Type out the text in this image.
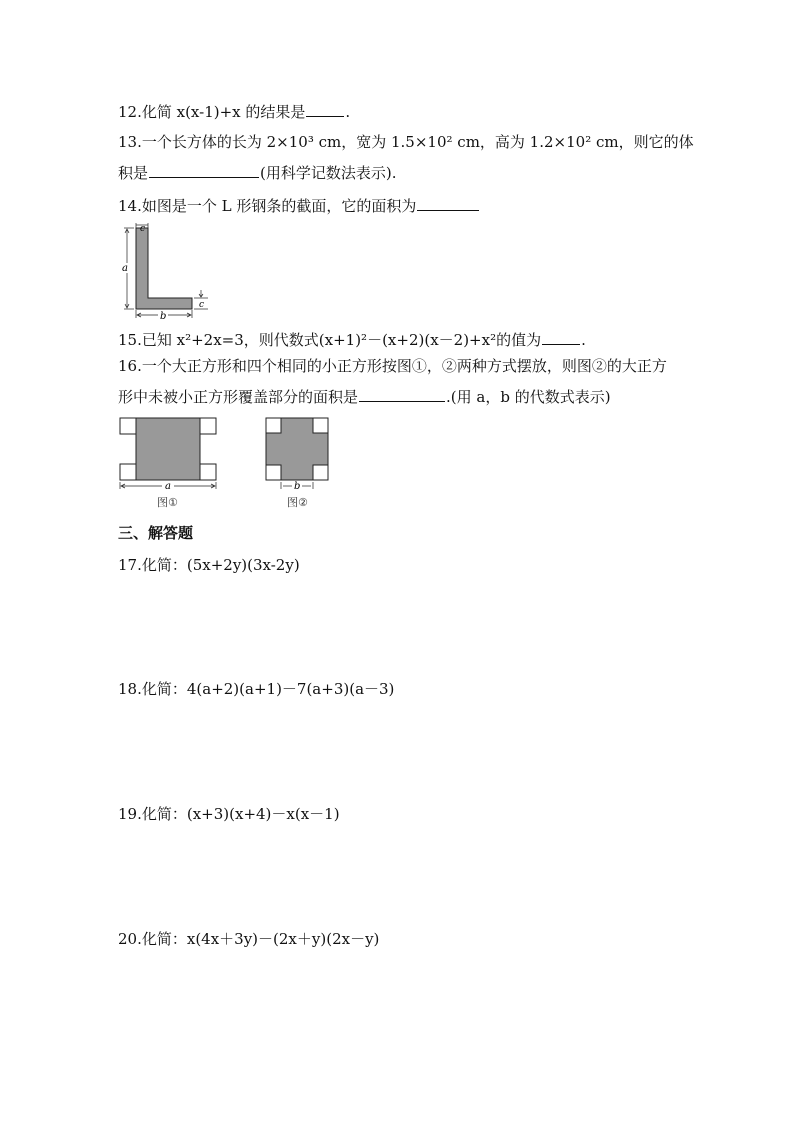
12.化简 x(x-1)+x 的结果是	.
13.一个长方体的长为 2×10³ cm，宽为 1.5×10² cm，高为 1.2×10² cm，则它的体
积是	(用科学记数法表示).
14.如图是一个 L 形钢条的截面，它的面积为
c
a
b
c
15.已知 x²+2x=3，则代数式(x+1)²－(x+2)(x－2)+x²的值为	.
16.一个大正方形和四个相同的小正方形按图①，②两种方式摆放，则图②的大正方
形中未被小正方形覆盖部分的面积是	.(用 a，b 的代数式表示)
a
图①
b
图②
三、解答题
17.化简：(5x+2y)(3x-2y)
18.化简：4(a+2)(a+1)－7(a+3)(a－3)
19.化简：(x+3)(x+4)－x(x－1)
20.化简：x(4x＋3y)－(2x＋y)(2x－y)
